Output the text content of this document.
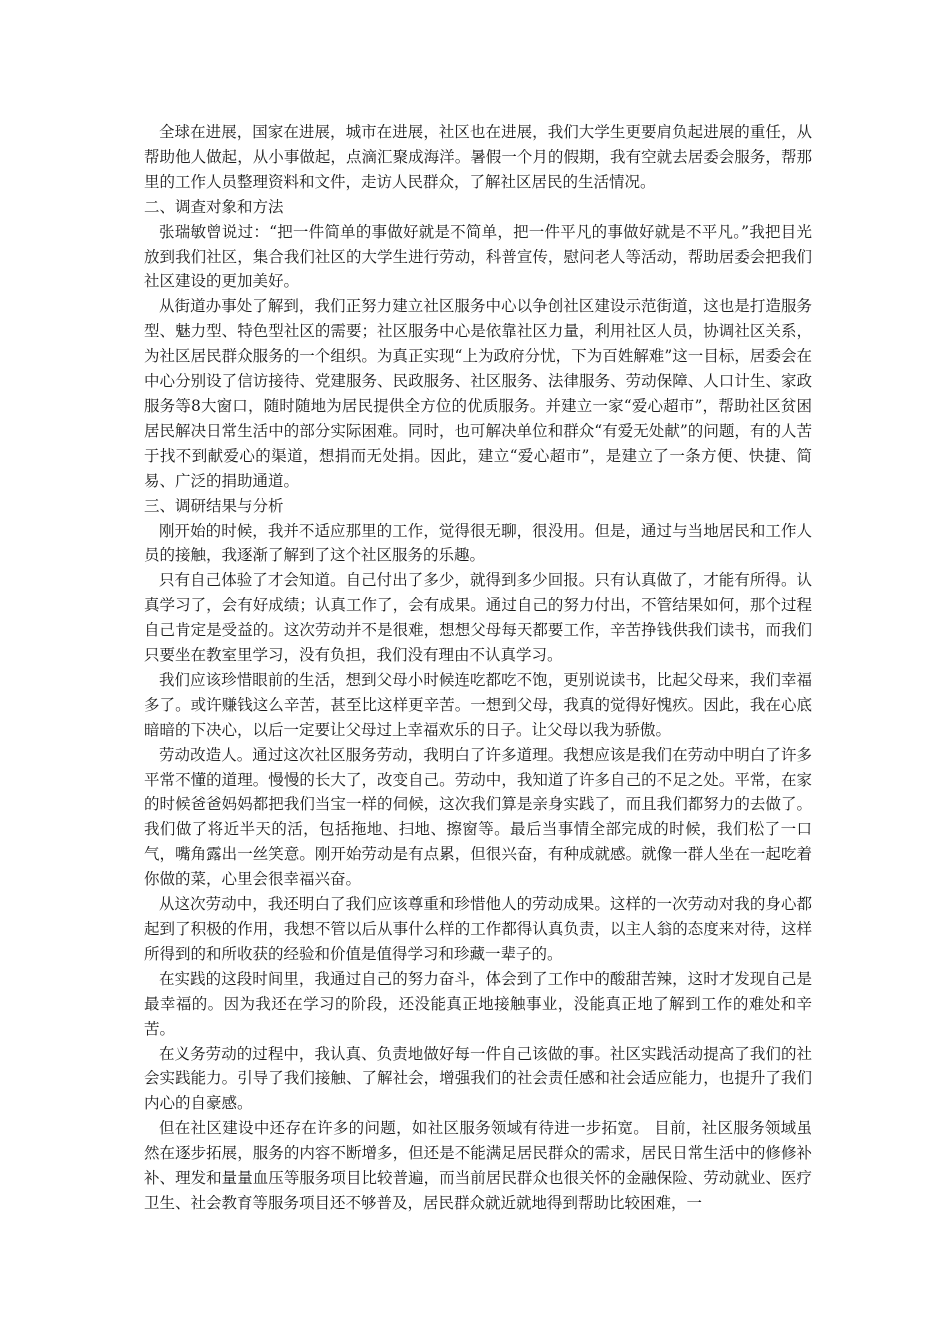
全球在进展，国家在进展，城市在进展，社区也在进展，我们大学生更要肩负起进展的重任，从帮助他人做起，从小事做起，点滴汇聚成海洋。暑假一个月的假期，我有空就去居委会服务，帮那里的工作人员整理资料和文件，走访人民群众，了解社区居民的生活情况。

二、调查对象和方法

张瑞敏曾说过：“把一件简单的事做好就是不简单，把一件平凡的事做好就是不平凡。”我把目光放到我们社区，集合我们社区的大学生进行劳动，科普宣传，慰问老人等活动，帮助居委会把我们社区建设的更加美好。

从街道办事处了解到，我们正努力建立社区服务中心以争创社区建设示范街道，这也是打造服务型、魅力型、特色型社区的需要；社区服务中心是依靠社区力量，利用社区人员，协调社区关系，为社区居民群众服务的一个组织。为真正实现“上为政府分忧，下为百姓解难”这一目标，居委会在中心分别设了信访接待、党建服务、民政服务、社区服务、法律服务、劳动保障、人口计生、家政服务等8大窗口，随时随地为居民提供全方位的优质服务。并建立一家“爱心超市”，帮助社区贫困居民解决日常生活中的部分实际困难。同时，也可解决单位和群众“有爱无处献”的问题，有的人苦于找不到献爱心的渠道，想捐而无处捐。因此，建立“爱心超市”，是建立了一条方便、快捷、简易、广泛的捐助通道。

三、调研结果与分析

刚开始的时候，我并不适应那里的工作，觉得很无聊，很没用。但是，通过与当地居民和工作人员的接触，我逐渐了解到了这个社区服务的乐趣。

只有自己体验了才会知道。自己付出了多少，就得到多少回报。只有认真做了，才能有所得。认真学习了，会有好成绩；认真工作了，会有成果。通过自己的努力付出，不管结果如何，那个过程自己肯定是受益的。这次劳动并不是很难，想想父母每天都要工作，辛苦挣钱供我们读书，而我们只要坐在教室里学习，没有负担，我们没有理由不认真学习。

我们应该珍惜眼前的生活，想到父母小时候连吃都吃不饱，更别说读书，比起父母来，我们幸福多了。或许赚钱这么辛苦，甚至比这样更辛苦。一想到父母，我真的觉得好愧疚。因此，我在心底暗暗的下决心，以后一定要让父母过上幸福欢乐的日子。让父母以我为骄傲。

劳动改造人。通过这次社区服务劳动，我明白了许多道理。我想应该是我们在劳动中明白了许多平常不懂的道理。慢慢的长大了，改变自己。劳动中，我知道了许多自己的不足之处。平常，在家的时候爸爸妈妈都把我们当宝一样的伺候，这次我们算是亲身实践了，而且我们都努力的去做了。我们做了将近半天的活，包括拖地、扫地、擦窗等。最后当事情全部完成的时候，我们松了一口气，嘴角露出一丝笑意。刚开始劳动是有点累，但很兴奋，有种成就感。就像一群人坐在一起吃着你做的菜，心里会很幸福兴奋。

从这次劳动中，我还明白了我们应该尊重和珍惜他人的劳动成果。这样的一次劳动对我的身心都起到了积极的作用，我想不管以后从事什么样的工作都得认真负责，以主人翁的态度来对待，这样所得到的和所收获的经验和价值是值得学习和珍藏一辈子的。

在实践的这段时间里，我通过自己的努力奋斗，体会到了工作中的酸甜苦辣，这时才发现自己是最幸福的。因为我还在学习的阶段，还没能真正地接触事业，没能真正地了解到工作的难处和辛苦。

在义务劳动的过程中，我认真、负责地做好每一件自己该做的事。社区实践活动提高了我们的社会实践能力。引导了我们接触、了解社会，增强我们的社会责任感和社会适应能力，也提升了我们内心的自豪感。

但在社区建设中还存在许多的问题，如社区服务领域有待进一步拓宽。 目前，社区服务领域虽然在逐步拓展，服务的内容不断增多，但还是不能满足居民群众的需求，居民日常生活中的修修补补、理发和量量血压等服务项目比较普遍，而当前居民群众也很关怀的金融保险、劳动就业、医疗卫生、社会教育等服务项目还不够普及，居民群众就近就地得到帮助比较困难，一
